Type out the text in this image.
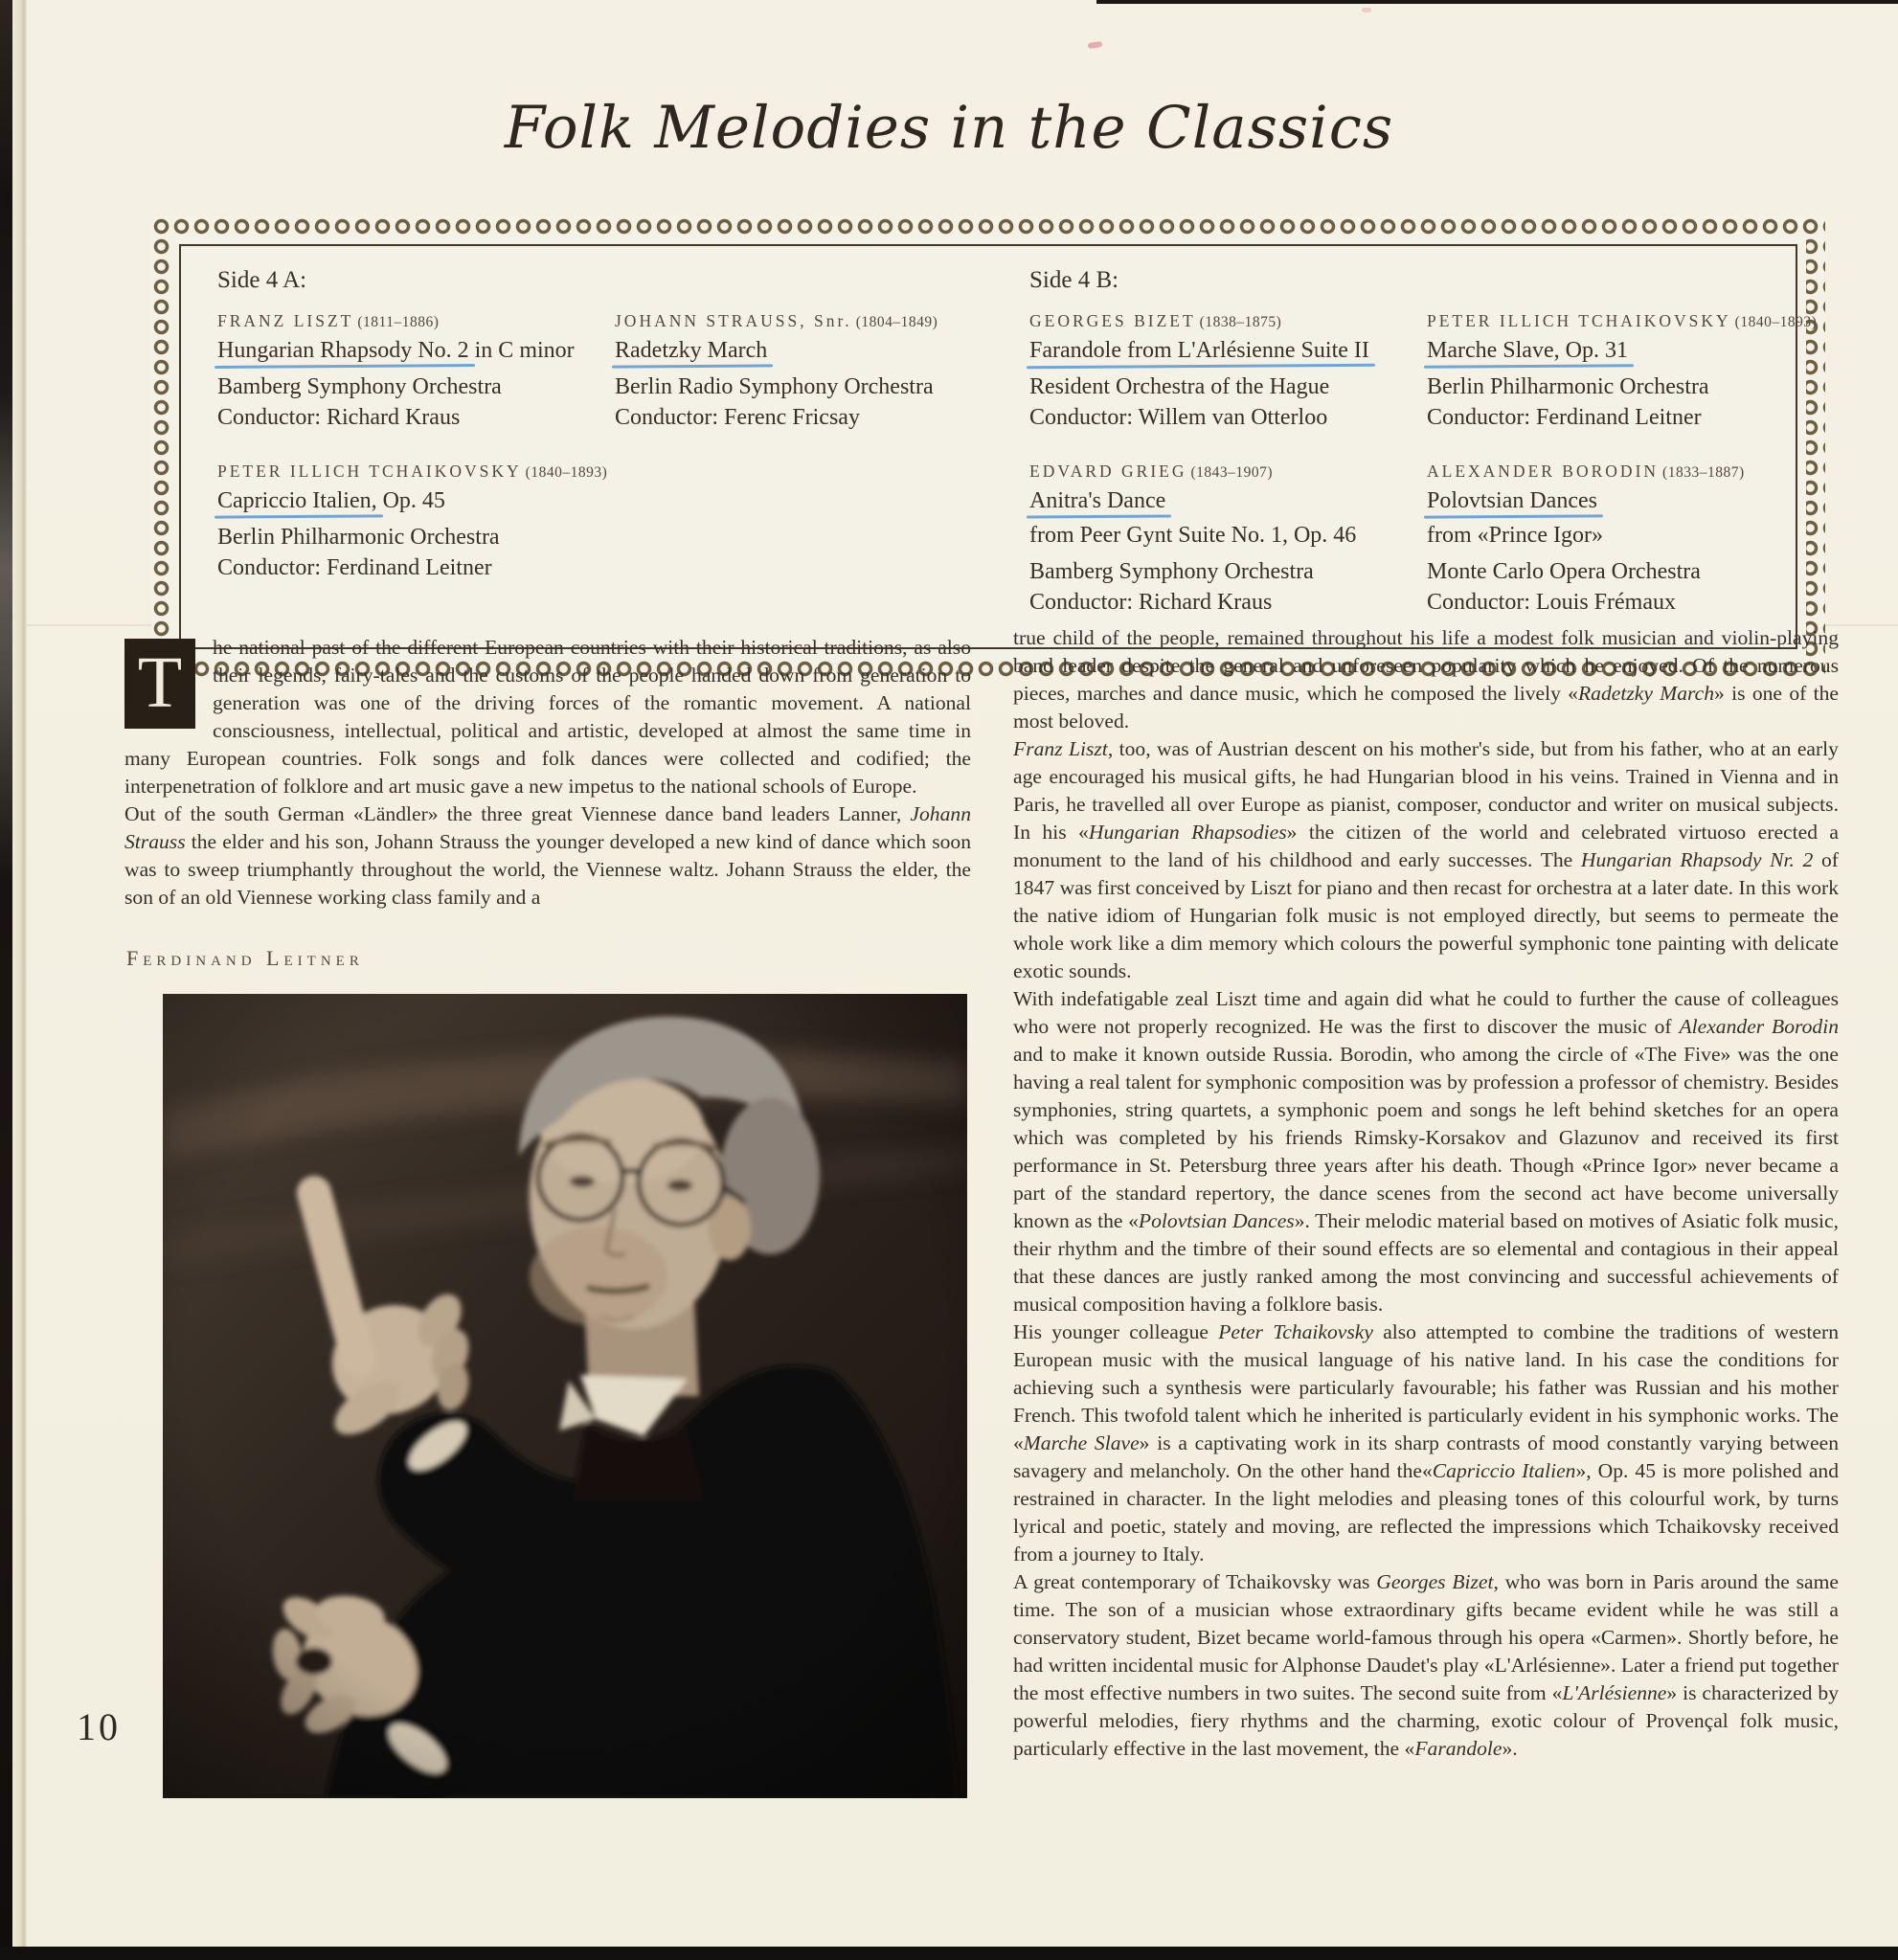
Folk Melodies in the Classics
Side 4 A:
FRANZ LISZT (1811–1886)
Hungarian Rhapsody No. 2 in C minor
Bamberg Symphony Orchestra
Conductor: Richard Kraus
JOHANN STRAUSS, Snr. (1804–1849)
Radetzky March
Berlin Radio Symphony Orchestra
Conductor: Ferenc Fricsay
PETER ILLICH TCHAIKOVSKY (1840–1893)
Capriccio Italien, Op. 45
Berlin Philharmonic Orchestra
Conductor: Ferdinand Leitner
Side 4 B:
GEORGES BIZET (1838–1875)
Farandole from L'Arlésienne Suite II
Resident Orchestra of the Hague
Conductor: Willem van Otterloo
PETER ILLICH TCHAIKOVSKY (1840–1893)
Marche Slave, Op. 31
Berlin Philharmonic Orchestra
Conductor: Ferdinand Leitner
EDVARD GRIEG (1843–1907)
Anitra's Dance
from Peer Gynt Suite No. 1, Op. 46
Bamberg Symphony Orchestra
Conductor: Richard Kraus
ALEXANDER BORODIN (1833–1887)
Polovtsian Dances
from «Prince Igor»
Monte Carlo Opera Orchestra
Conductor: Louis Frémaux

T	he national past of the different European countries with their historical traditions, as also their legends, fairy-tales and the customs of the people handed down from generation to generation was one of the driving forces of the romantic movement. A national consciousness, intellectual, political and artistic, developed at almost the same time in many European countries. Folk songs and folk dances were collected and codified; the interpenetration of folklore and art music gave a new impetus to the national schools of Europe.

Out of the south German «Ländler» the three great Viennese dance band leaders Lanner, Johann Strauss the elder and his son, Johann Strauss the younger developed a new kind of dance which soon was to sweep triumphantly throughout the world, the Viennese waltz. Johann Strauss the elder, the son of an old Viennese working class family and a

Ferdinand Leitner
10

true child of the people, remained throughout his life a modest folk musician and violin-playing band leader despite the general and unforeseen popularity which he enjoyed. Of the numerous pieces, marches and dance music, which he composed the lively «Radetzky March» is one of the most beloved.

Franz Liszt, too, was of Austrian descent on his mother's side, but from his father, who at an early age encouraged his musical gifts, he had Hungarian blood in his veins. Trained in Vienna and in Paris, he travelled all over Europe as pianist, composer, conductor and writer on musical subjects. In his «Hungarian Rhapsodies» the citizen of the world and celebrated virtuoso erected a monument to the land of his childhood and early successes. The Hungarian Rhapsody Nr. 2 of 1847 was first conceived by Liszt for piano and then recast for orchestra at a later date. In this work the native idiom of Hungarian folk music is not employed directly, but seems to permeate the whole work like a dim memory which colours the powerful symphonic tone painting with delicate exotic sounds.

With indefatigable zeal Liszt time and again did what he could to further the cause of colleagues who were not properly recognized. He was the first to discover the music of Alexander Borodin and to make it known outside Russia. Borodin, who among the circle of «The Five» was the one having a real talent for symphonic composition was by profession a professor of chemistry. Besides symphonies, string quartets, a symphonic poem and songs he left behind sketches for an opera which was completed by his friends Rimsky-Korsakov and Glazunov and received its first performance in St. Petersburg three years after his death. Though «Prince Igor» never became a part of the standard repertory, the dance scenes from the second act have become universally known as the «Polovtsian Dances». Their melodic material based on motives of Asiatic folk music, their rhythm and the timbre of their sound effects are so elemental and contagious in their appeal that these dances are justly ranked among the most convincing and successful achievements of musical composition having a folklore basis.

His younger colleague Peter Tchaikovsky also attempted to combine the traditions of western European music with the musical language of his native land. In his case the conditions for achieving such a synthesis were particularly favourable; his father was Russian and his mother French. This twofold talent which he inherited is particularly evident in his symphonic works. The «Marche Slave» is a captivating work in its sharp contrasts of mood constantly varying between savagery and melancholy. On the other hand the«Capriccio Italien», Op. 45 is more polished and restrained in character. In the light melodies and pleasing tones of this colourful work, by turns lyrical and poetic, stately and moving, are reflected the impressions which Tchaikovsky received from a journey to Italy.

A great contemporary of Tchaikovsky was Georges Bizet, who was born in Paris around the same time. The son of a musician whose extraordinary gifts became evident while he was still a conservatory student, Bizet became world-famous through his opera «Carmen». Shortly before, he had written incidental music for Alphonse Daudet's play «L'Arlésienne». Later a friend put together the most effective numbers in two suites. The second suite from «L'Arlésienne» is characterized by powerful melodies, fiery rhythms and the charming, exotic colour of Provençal folk music, particularly effective in the last movement, the «Farandole».
